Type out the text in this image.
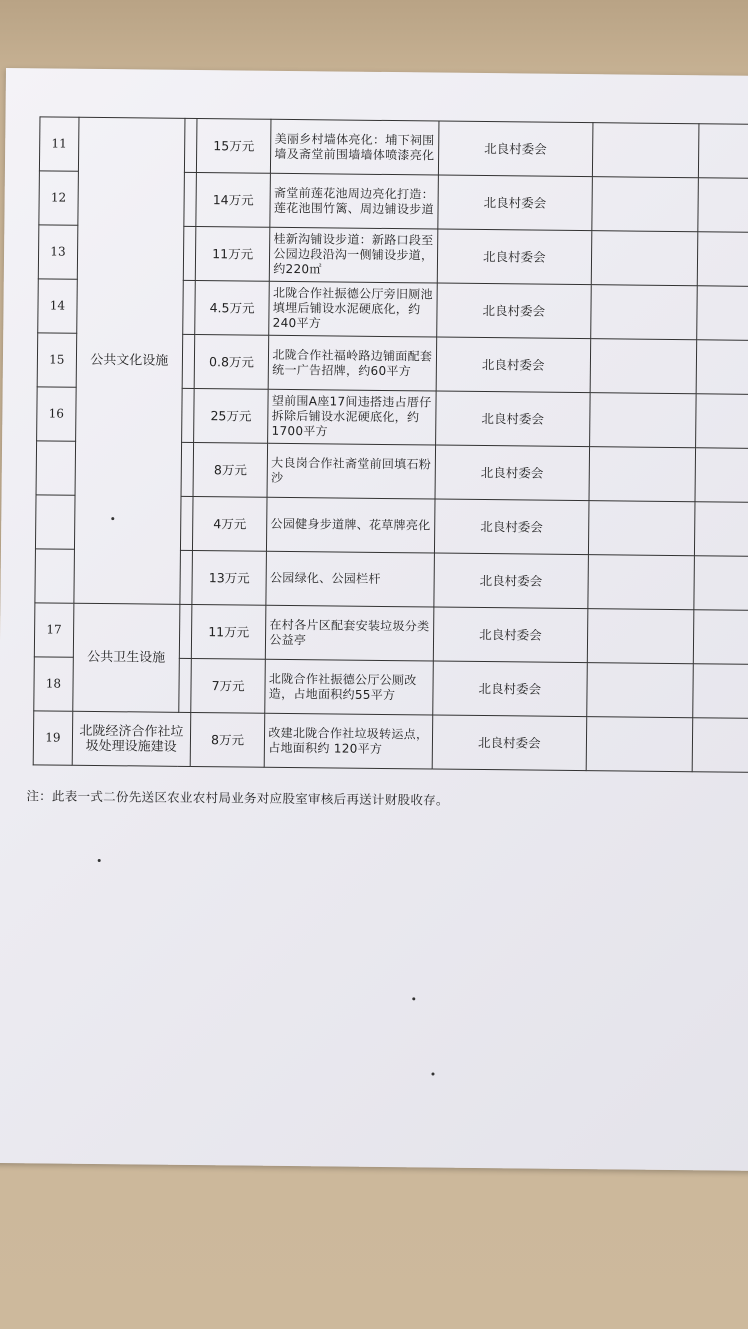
11	公共文化设施		15万元	美丽乡村墙体亮化：埔下祠围墙及斋堂前围墙墙体喷漆亮化	北良村委会		
12			14万元	斋堂前莲花池周边亮化打造：莲花池围竹篱、周边铺设步道	北良村委会		
13			11万元	桂新沟铺设步道：新路口段至公园边段沿沟一侧铺设步道，约220㎡	北良村委会		
14			4.5万元	北陇合作社振德公厅旁旧厕池填埋后铺设水泥硬底化，约240平方	北良村委会		
15			0.8万元	北陇合作社福岭路边铺面配套统一广告招牌，约60平方	北良村委会		
16			25万元	望前围A座17间违搭违占厝仔拆除后铺设水泥硬底化，约1700平方	北良村委会		
			8万元	大良岗合作社斋堂前回填石粉沙	北良村委会		
			4万元	公园健身步道牌、花草牌亮化	北良村委会		
			13万元	公园绿化、公园栏杆	北良村委会		
17	公共卫生设施		11万元	在村各片区配套安装垃圾分类公益亭	北良村委会		
18			7万元	北陇合作社振德公厅公厕改造，占地面积约55平方	北良村委会		
19	北陇经济合作社垃圾处理设施建设		8万元	改建北陇合作社垃圾转运点，占地面积约 120平方	北良村委会		
注：此表一式二份先送区农业农村局业务对应股室审核后再送计财股收存。
